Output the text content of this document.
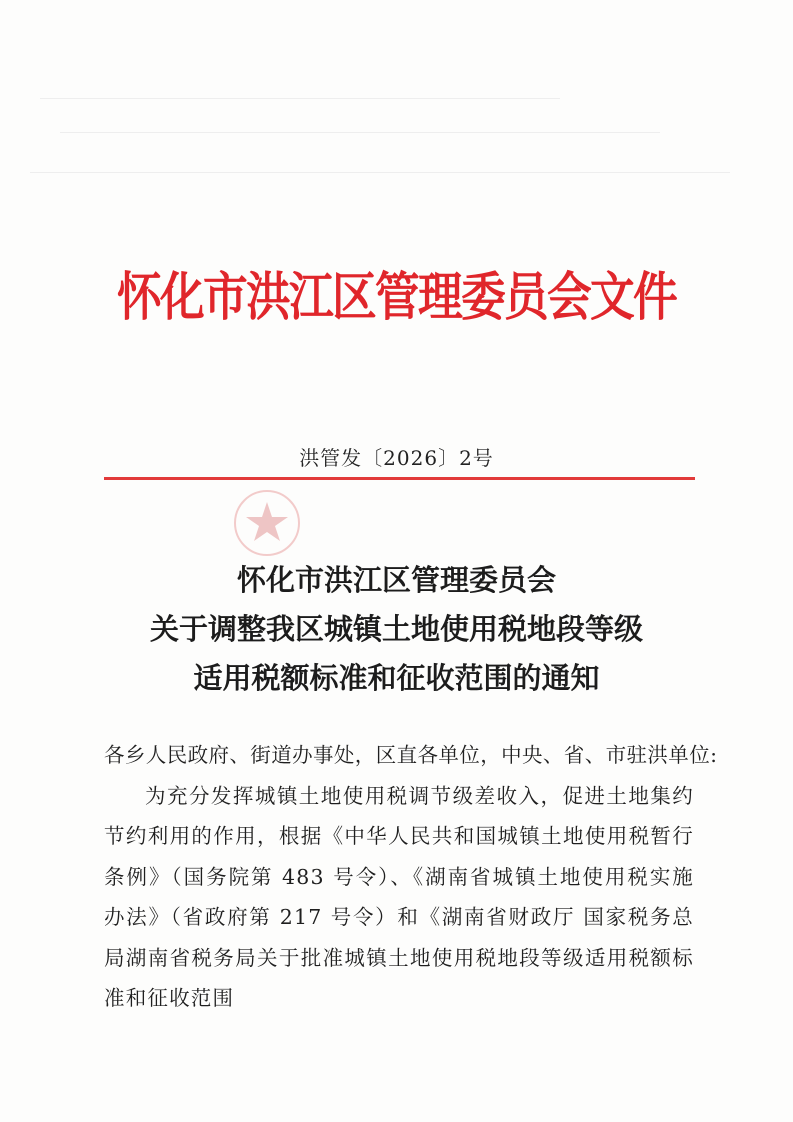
怀化市洪江区管理委员会文件
洪管发〔2026〕2号
怀化市洪江区管理委员会
关于调整我区城镇土地使用税地段等级
适用税额标准和征收范围的通知
各乡人民政府、街道办事处，区直各单位，中央、省、市驻洪单位:
为充分发挥城镇土地使用税调节级差收入，促进土地集约节约利用的作用，根据《中华人民共和国城镇土地使用税暂行条例》（国务院第 483 号令）、《湖南省城镇土地使用税实施办法》（省政府第 217 号令）和《湖南省财政厅 国家税务总局湖南省税务局关于批准城镇土地使用税地段等级适用税额标准和征收范围
